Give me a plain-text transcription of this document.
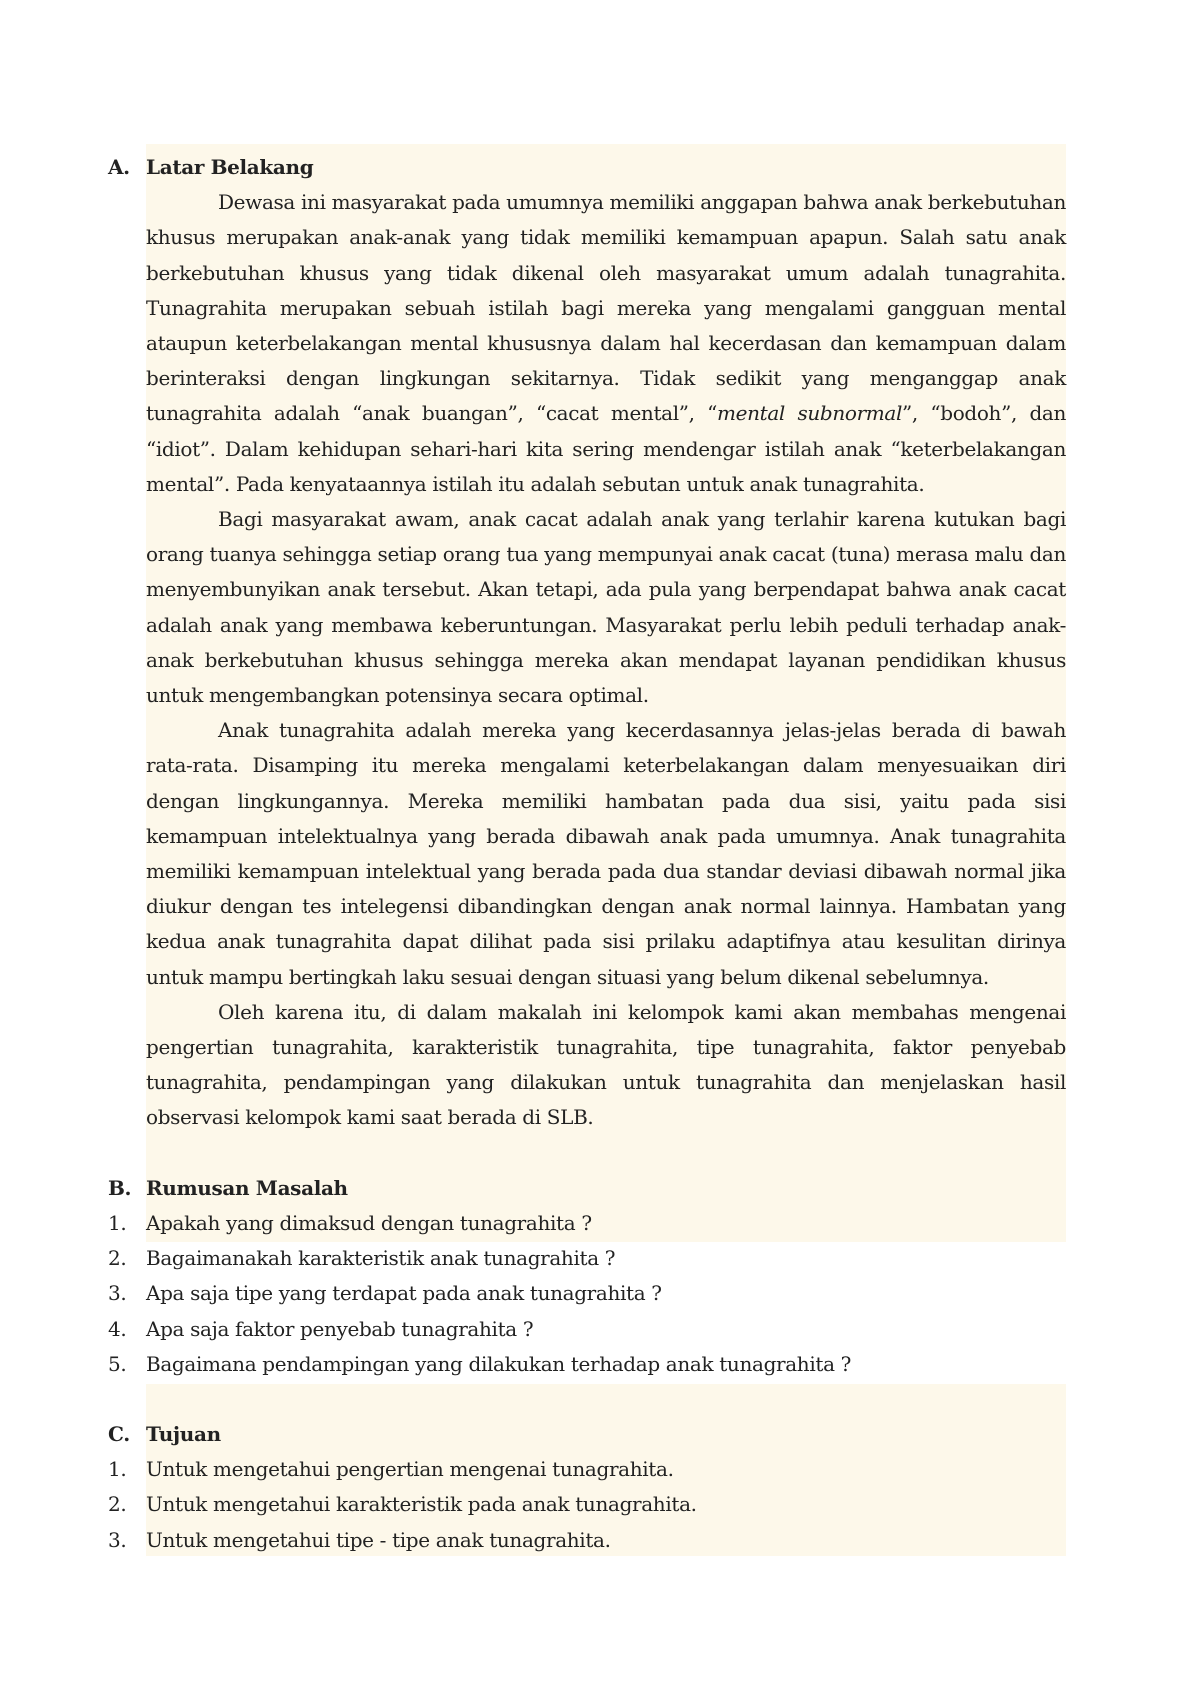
A. Latar Belakang

Dewasa ini masyarakat pada umumnya memiliki anggapan bahwa anak berkebutuhan khusus merupakan anak-anak yang tidak memiliki kemampuan apapun. Salah satu anak berkebutuhan khusus yang tidak dikenal oleh masyarakat umum adalah tunagrahita. Tunagrahita merupakan sebuah istilah bagi mereka yang mengalami gangguan mental ataupun keterbelakangan mental khususnya dalam hal kecerdasan dan kemampuan dalam berinteraksi dengan lingkungan sekitarnya. Tidak sedikit yang menganggap anak tunagrahita adalah “anak buangan”, “cacat mental”, “mental subnormal”, “bodoh”, dan “idiot”. Dalam kehidupan sehari-hari kita sering mendengar istilah anak “keterbelakangan mental”. Pada kenyataannya istilah itu adalah sebutan untuk anak tunagrahita.

Bagi masyarakat awam, anak cacat adalah anak yang terlahir karena kutukan bagi orang tuanya sehingga setiap orang tua yang mempunyai anak cacat (tuna) merasa malu dan menyembunyikan anak tersebut. Akan tetapi, ada pula yang berpendapat bahwa anak cacat adalah anak yang membawa keberuntungan. Masyarakat perlu lebih peduli terhadap anak-anak berkebutuhan khusus sehingga mereka akan mendapat layanan pendidikan khusus untuk mengembangkan potensinya secara optimal.

Anak tunagrahita adalah mereka yang kecerdasannya jelas-jelas berada di bawah rata-rata. Disamping itu mereka mengalami keterbelakangan dalam menyesuaikan diri dengan lingkungannya. Mereka memiliki hambatan pada dua sisi, yaitu pada sisi kemampuan intelektualnya yang berada dibawah anak pada umumnya. Anak tunagrahita memiliki kemampuan intelektual yang berada pada dua standar deviasi dibawah normal jika diukur dengan tes intelegensi dibandingkan dengan anak normal lainnya. Hambatan yang kedua anak tunagrahita dapat dilihat pada sisi prilaku adaptifnya atau kesulitan dirinya untuk mampu bertingkah laku sesuai dengan situasi yang belum dikenal sebelumnya.

Oleh karena itu, di dalam makalah ini kelompok kami akan membahas mengenai pengertian tunagrahita, karakteristik tunagrahita, tipe tunagrahita, faktor penyebab tunagrahita, pendampingan yang dilakukan untuk tunagrahita dan menjelaskan hasil observasi kelompok kami saat berada di SLB.

B. Rumusan Masalah
1. Apakah yang dimaksud dengan tunagrahita ?
2. Bagaimanakah karakteristik anak tunagrahita ?
3. Apa saja tipe yang terdapat pada anak tunagrahita ?
4. Apa saja faktor penyebab tunagrahita ?
5. Bagaimana pendampingan yang dilakukan terhadap anak tunagrahita ?
C. Tujuan
1. Untuk mengetahui pengertian mengenai tunagrahita.
2. Untuk mengetahui karakteristik pada anak tunagrahita.
3. Untuk mengetahui tipe - tipe anak tunagrahita.
